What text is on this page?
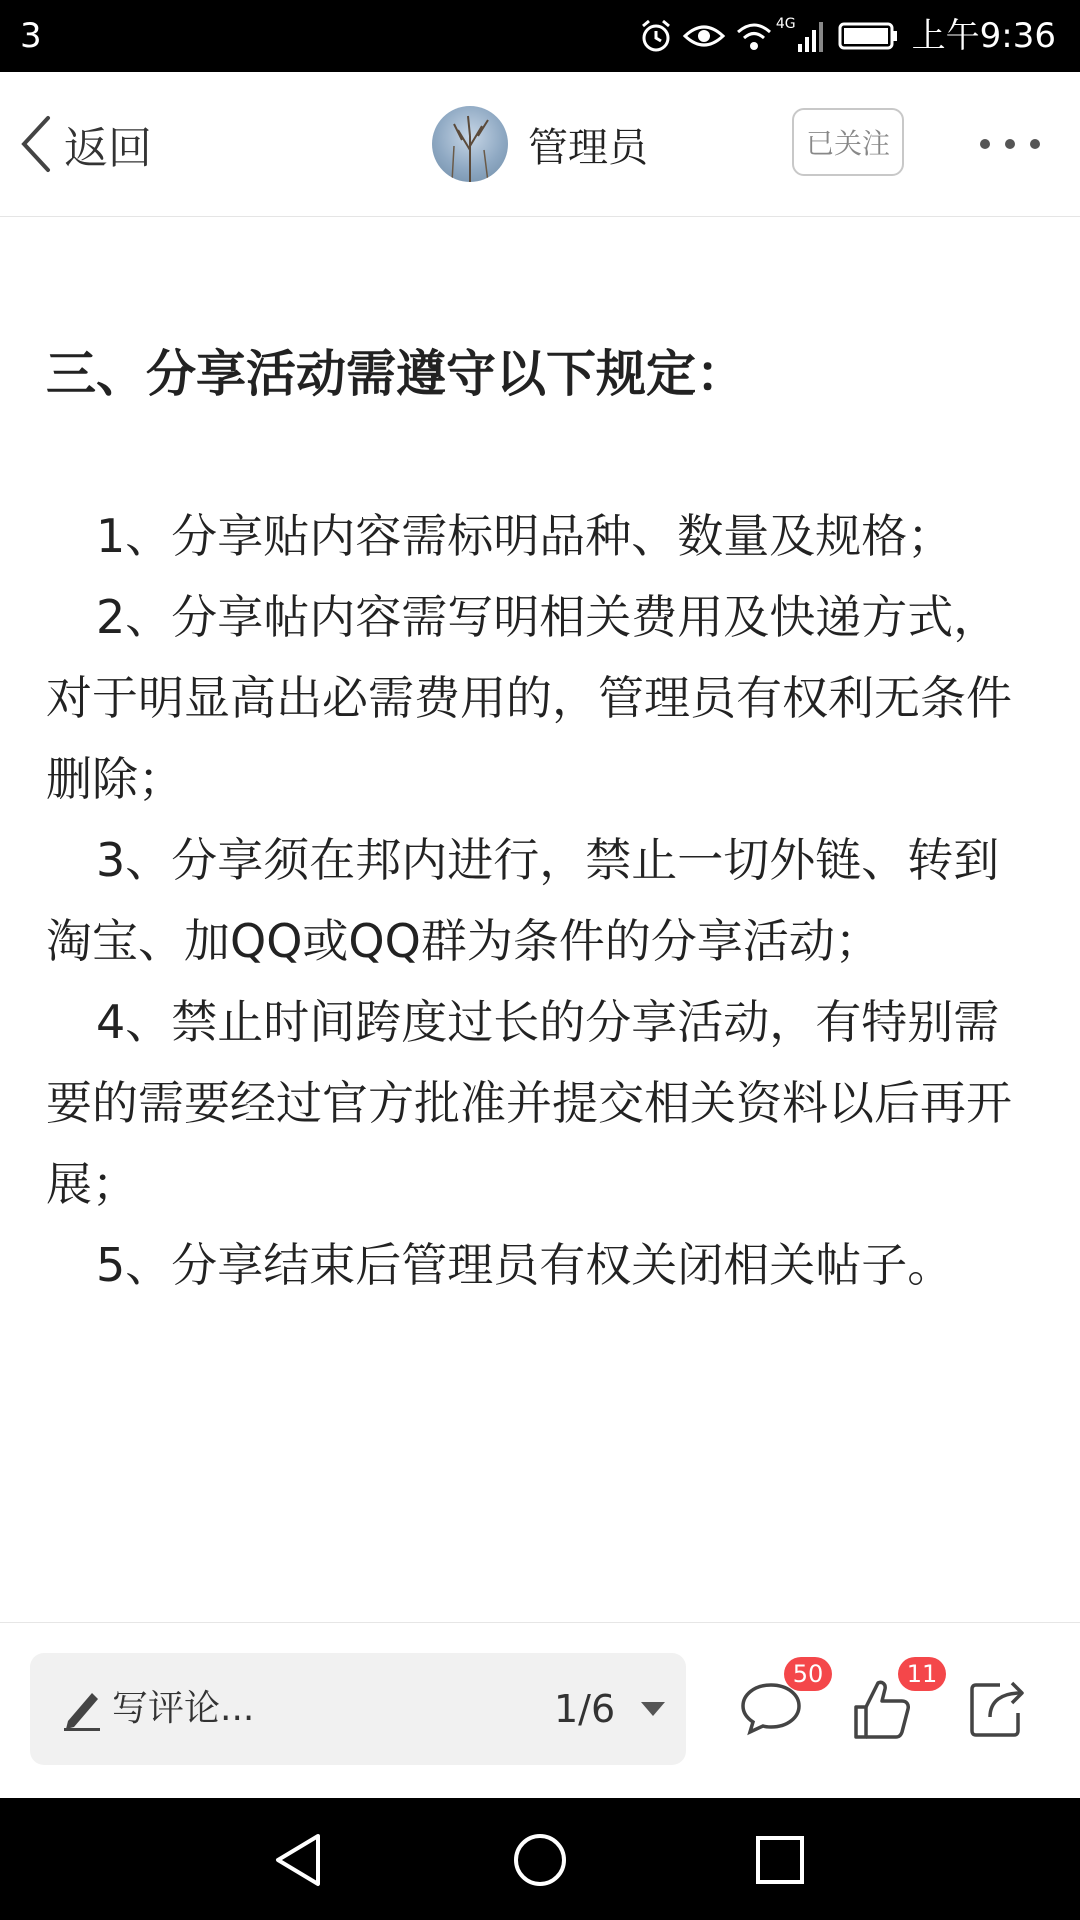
3	4G	上午9:36
返回	管理员	已关注
三、分享活动需遵守以下规定：

1、分享贴内容需标明品种、数量及规格；

2、分享帖内容需写明相关费用及快递方式，对于明显高出必需费用的，管理员有权利无条件删除；

3、分享须在邦内进行，禁止一切外链、转到淘宝、加QQ或QQ群为条件的分享活动；

4、禁止时间跨度过长的分享活动，有特别需要的需要经过官方批准并提交相关资料以后再开展；

5、分享结束后管理员有权关闭相关帖子。

写评论...	1/6
50	11
